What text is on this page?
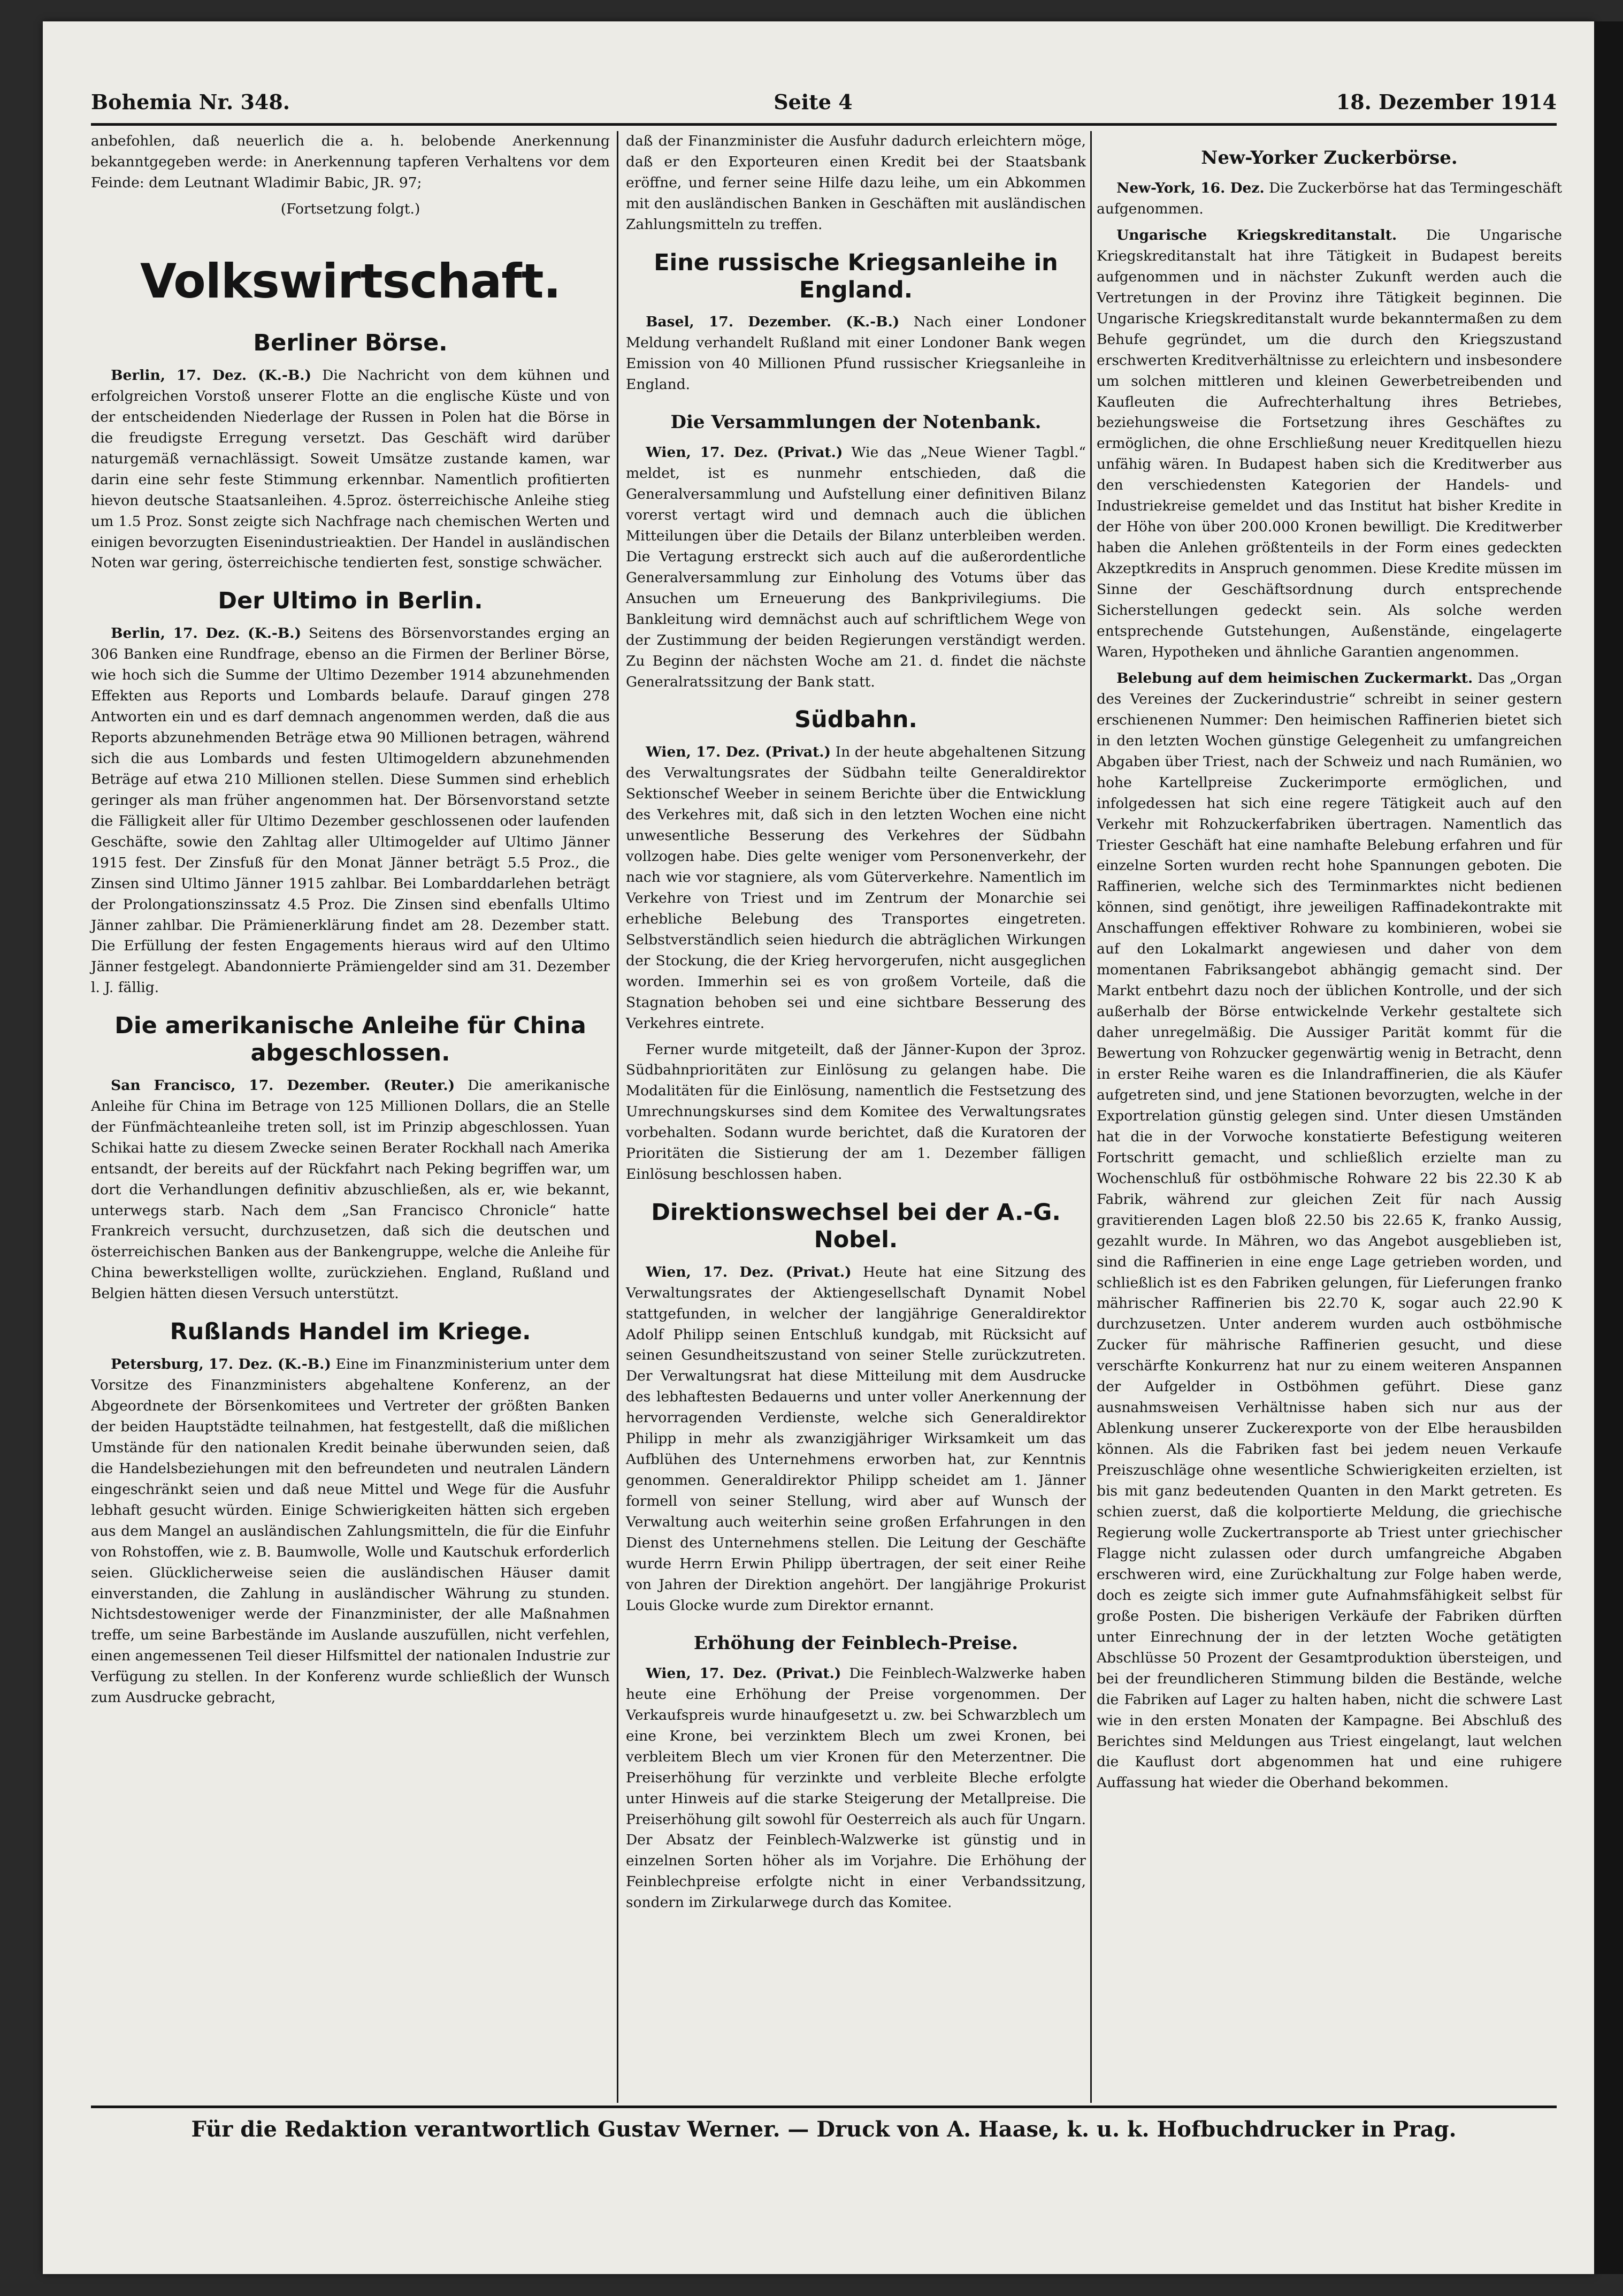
Bohemia Nr. 348.	Seite 4	18. Dezember 1914

anbefohlen, daß neuerlich die a. h. belobende Anerkennung bekanntgegeben werde: in Anerkennung tapferen Verhaltens vor dem Feinde: dem Leutnant Wladimir Babic, JR. 97;

(Fortsetzung folgt.)
Volkswirtschaft.
Berliner Börse.

Berlin, 17. Dez. (K.-B.) Die Nachricht von dem kühnen und erfolgreichen Vorstoß unserer Flotte an die englische Küste und von der entscheidenden Niederlage der Russen in Polen hat die Börse in die freudigste Erregung versetzt. Das Geschäft wird darüber naturgemäß vernachlässigt. Soweit Umsätze zustande kamen, war darin eine sehr feste Stimmung erkennbar. Namentlich profitierten hievon deutsche Staatsanleihen. 4.5proz. österreichische Anleihe stieg um 1.5 Proz. Sonst zeigte sich Nachfrage nach chemischen Werten und einigen bevorzugten Eisenindustrieaktien. Der Handel in ausländischen Noten war gering, österreichische tendierten fest, sonstige schwächer.

Der Ultimo in Berlin.

Berlin, 17. Dez. (K.-B.) Seitens des Börsenvorstandes erging an 306 Banken eine Rundfrage, ebenso an die Firmen der Berliner Börse, wie hoch sich die Summe der Ultimo Dezember 1914 abzunehmenden Effekten aus Reports und Lombards belaufe. Darauf gingen 278 Antworten ein und es darf demnach angenommen werden, daß die aus Reports abzunehmenden Beträge etwa 90 Millionen betragen, während sich die aus Lombards und festen Ultimogeldern abzunehmenden Beträge auf etwa 210 Millionen stellen. Diese Summen sind erheblich geringer als man früher angenommen hat. Der Börsenvorstand setzte die Fälligkeit aller für Ultimo Dezember geschlossenen oder laufenden Geschäfte, sowie den Zahltag aller Ultimogelder auf Ultimo Jänner 1915 fest. Der Zinsfuß für den Monat Jänner beträgt 5.5 Proz., die Zinsen sind Ultimo Jänner 1915 zahlbar. Bei Lombarddarlehen beträgt der Prolongationszinssatz 4.5 Proz. Die Zinsen sind ebenfalls Ultimo Jänner zahlbar. Die Prämienerklärung findet am 28. Dezember statt. Die Erfüllung der festen Engagements hieraus wird auf den Ultimo Jänner festgelegt. Abandonnierte Prämiengelder sind am 31. Dezember l. J. fällig.

Die amerikanische Anleihe für China abgeschlossen.

San Francisco, 17. Dezember. (Reuter.) Die amerikanische Anleihe für China im Betrage von 125 Millionen Dollars, die an Stelle der Fünfmächteanleihe treten soll, ist im Prinzip abgeschlossen. Yuan Schikai hatte zu diesem Zwecke seinen Berater Rockhall nach Amerika entsandt, der bereits auf der Rückfahrt nach Peking begriffen war, um dort die Verhandlungen definitiv abzuschließen, als er, wie bekannt, unterwegs starb. Nach dem „San Francisco Chronicle“ hatte Frankreich versucht, durchzusetzen, daß sich die deutschen und österreichischen Banken aus der Bankengruppe, welche die Anleihe für China bewerkstelligen wollte, zurückziehen. England, Rußland und Belgien hätten diesen Versuch unterstützt.

Rußlands Handel im Kriege.

Petersburg, 17. Dez. (K.-B.) Eine im Finanzministerium unter dem Vorsitze des Finanzministers abgehaltene Konferenz, an der Abgeordnete der Börsenkomitees und Vertreter der größten Banken der beiden Hauptstädte teilnahmen, hat festgestellt, daß die mißlichen Umstände für den nationalen Kredit beinahe überwunden seien, daß die Handelsbeziehungen mit den befreundeten und neutralen Ländern eingeschränkt seien und daß neue Mittel und Wege für die Ausfuhr lebhaft gesucht würden. Einige Schwierigkeiten hätten sich ergeben aus dem Mangel an ausländischen Zahlungsmitteln, die für die Einfuhr von Rohstoffen, wie z. B. Baumwolle, Wolle und Kautschuk erforderlich seien. Glücklicherweise seien die ausländischen Häuser damit einverstanden, die Zahlung in ausländischer Währung zu stunden. Nichtsdestoweniger werde der Finanzminister, der alle Maßnahmen treffe, um seine Barbestände im Auslande auszufüllen, nicht verfehlen, einen angemessenen Teil dieser Hilfsmittel der nationalen Industrie zur Verfügung zu stellen. In der Konferenz wurde schließlich der Wunsch zum Ausdrucke gebracht,

daß der Finanzminister die Ausfuhr dadurch erleichtern möge, daß er den Exporteuren einen Kredit bei der Staatsbank eröffne, und ferner seine Hilfe dazu leihe, um ein Abkommen mit den ausländischen Banken in Geschäften mit ausländischen Zahlungsmitteln zu treffen.

Eine russische Kriegsanleihe in England.

Basel, 17. Dezember. (K.-B.) Nach einer Londoner Meldung verhandelt Rußland mit einer Londoner Bank wegen Emission von 40 Millionen Pfund russischer Kriegsanleihe in England.

Die Versammlungen der Notenbank.

Wien, 17. Dez. (Privat.) Wie das „Neue Wiener Tagbl.“ meldet, ist es nunmehr entschieden, daß die Generalversammlung und Aufstellung einer definitiven Bilanz vorerst vertagt wird und demnach auch die üblichen Mitteilungen über die Details der Bilanz unterbleiben werden. Die Vertagung erstreckt sich auch auf die außerordentliche Generalversammlung zur Einholung des Votums über das Ansuchen um Erneuerung des Bankprivilegiums. Die Bankleitung wird demnächst auch auf schriftlichem Wege von der Zustimmung der beiden Regierungen verständigt werden. Zu Beginn der nächsten Woche am 21. d. findet die nächste Generalratssitzung der Bank statt.

Südbahn.

Wien, 17. Dez. (Privat.) In der heute abgehaltenen Sitzung des Verwaltungsrates der Südbahn teilte Generaldirektor Sektionschef Weeber in seinem Berichte über die Entwicklung des Verkehres mit, daß sich in den letzten Wochen eine nicht unwesentliche Besserung des Verkehres der Südbahn vollzogen habe. Dies gelte weniger vom Personenverkehr, der nach wie vor stagniere, als vom Güterverkehre. Namentlich im Verkehre von Triest und im Zentrum der Monarchie sei erhebliche Belebung des Transportes eingetreten. Selbstverständlich seien hiedurch die abträglichen Wirkungen der Stockung, die der Krieg hervorgerufen, nicht ausgeglichen worden. Immerhin sei es von großem Vorteile, daß die Stagnation behoben sei und eine sichtbare Besserung des Verkehres eintrete.

Ferner wurde mitgeteilt, daß der Jänner-Kupon der 3proz. Südbahnprioritäten zur Einlösung zu gelangen habe. Die Modalitäten für die Einlösung, namentlich die Festsetzung des Umrechnungskurses sind dem Komitee des Verwaltungsrates vorbehalten. Sodann wurde berichtet, daß die Kuratoren der Prioritäten die Sistierung der am 1. Dezember fälligen Einlösung beschlossen haben.

Direktionswechsel bei der A.-G. Nobel.

Wien, 17. Dez. (Privat.) Heute hat eine Sitzung des Verwaltungsrates der Aktiengesellschaft Dynamit Nobel stattgefunden, in welcher der langjährige Generaldirektor Adolf Philipp seinen Entschluß kundgab, mit Rücksicht auf seinen Gesundheitszustand von seiner Stelle zurückzutreten. Der Verwaltungsrat hat diese Mitteilung mit dem Ausdrucke des lebhaftesten Bedauerns und unter voller Anerkennung der hervorragenden Verdienste, welche sich Generaldirektor Philipp in mehr als zwanzigjähriger Wirksamkeit um das Aufblühen des Unternehmens erworben hat, zur Kenntnis genommen. Generaldirektor Philipp scheidet am 1. Jänner formell von seiner Stellung, wird aber auf Wunsch der Verwaltung auch weiterhin seine großen Erfahrungen in den Dienst des Unternehmens stellen. Die Leitung der Geschäfte wurde Herrn Erwin Philipp übertragen, der seit einer Reihe von Jahren der Direktion angehört. Der langjährige Prokurist Louis Glocke wurde zum Direktor ernannt.

Erhöhung der Feinblech-Preise.

Wien, 17. Dez. (Privat.) Die Feinblech-Walzwerke haben heute eine Erhöhung der Preise vorgenommen. Der Verkaufspreis wurde hinaufgesetzt u. zw. bei Schwarzblech um eine Krone, bei verzinktem Blech um zwei Kronen, bei verbleitem Blech um vier Kronen für den Meterzentner. Die Preiserhöhung für verzinkte und verbleite Bleche erfolgte unter Hinweis auf die starke Steigerung der Metallpreise. Die Preiserhöhung gilt sowohl für Oesterreich als auch für Ungarn. Der Absatz der Feinblech-Walzwerke ist günstig und in einzelnen Sorten höher als im Vorjahre. Die Erhöhung der Feinblechpreise erfolgte nicht in einer Verbandssitzung, sondern im Zirkularwege durch das Komitee.

New-Yorker Zuckerbörse.

New-York, 16. Dez. Die Zuckerbörse hat das Termingeschäft aufgenommen.

Ungarische Kriegskreditanstalt. Die Ungarische Kriegskreditanstalt hat ihre Tätigkeit in Budapest bereits aufgenommen und in nächster Zukunft werden auch die Vertretungen in der Provinz ihre Tätigkeit beginnen. Die Ungarische Kriegskreditanstalt wurde bekanntermaßen zu dem Behufe gegründet, um die durch den Kriegszustand erschwerten Kreditverhältnisse zu erleichtern und insbesondere um solchen mittleren und kleinen Gewerbetreibenden und Kaufleuten die Aufrechterhaltung ihres Betriebes, beziehungsweise die Fortsetzung ihres Geschäftes zu ermöglichen, die ohne Erschließung neuer Kreditquellen hiezu unfähig wären. In Budapest haben sich die Kreditwerber aus den verschiedensten Kategorien der Handels- und Industriekreise gemeldet und das Institut hat bisher Kredite in der Höhe von über 200.000 Kronen bewilligt. Die Kreditwerber haben die Anlehen größtenteils in der Form eines gedeckten Akzeptkredits in Anspruch genommen. Diese Kredite müssen im Sinne der Geschäftsordnung durch entsprechende Sicherstellungen gedeckt sein. Als solche werden entsprechende Gutstehungen, Außenstände, eingelagerte Waren, Hypotheken und ähnliche Garantien angenommen.

Belebung auf dem heimischen Zuckermarkt. Das „Organ des Vereines der Zuckerindustrie“ schreibt in seiner gestern erschienenen Nummer: Den heimischen Raffinerien bietet sich in den letzten Wochen günstige Gelegenheit zu umfangreichen Abgaben über Triest, nach der Schweiz und nach Rumänien, wo hohe Kartellpreise Zuckerimporte ermöglichen, und infolgedessen hat sich eine regere Tätigkeit auch auf den Verkehr mit Rohzuckerfabriken übertragen. Namentlich das Triester Geschäft hat eine namhafte Belebung erfahren und für einzelne Sorten wurden recht hohe Spannungen geboten. Die Raffinerien, welche sich des Terminmarktes nicht bedienen können, sind genötigt, ihre jeweiligen Raffinadekontrakte mit Anschaffungen effektiver Rohware zu kombinieren, wobei sie auf den Lokalmarkt angewiesen und daher von dem momentanen Fabriksangebot abhängig gemacht sind. Der Markt entbehrt dazu noch der üblichen Kontrolle, und der sich außerhalb der Börse entwickelnde Verkehr gestaltete sich daher unregelmäßig. Die Aussiger Parität kommt für die Bewertung von Rohzucker gegenwärtig wenig in Betracht, denn in erster Reihe waren es die Inlandraffinerien, die als Käufer aufgetreten sind, und jene Stationen bevorzugten, welche in der Exportrelation günstig gelegen sind. Unter diesen Umständen hat die in der Vorwoche konstatierte Befestigung weiteren Fortschritt gemacht, und schließlich erzielte man zu Wochenschluß für ostböhmische Rohware 22 bis 22.30 K ab Fabrik, während zur gleichen Zeit für nach Aussig gravitierenden Lagen bloß 22.50 bis 22.65 K, franko Aussig, gezahlt wurde. In Mähren, wo das Angebot ausgeblieben ist, sind die Raffinerien in eine enge Lage getrieben worden, und schließlich ist es den Fabriken gelungen, für Lieferungen franko mährischer Raffinerien bis 22.70 K, sogar auch 22.90 K durchzusetzen. Unter anderem wurden auch ostböhmische Zucker für mährische Raffinerien gesucht, und diese verschärfte Konkurrenz hat nur zu einem weiteren Anspannen der Aufgelder in Ostböhmen geführt. Diese ganz ausnahmsweisen Verhältnisse haben sich nur aus der Ablenkung unserer Zuckerexporte von der Elbe herausbilden können. Als die Fabriken fast bei jedem neuen Verkaufe Preiszuschläge ohne wesentliche Schwierigkeiten erzielten, ist bis mit ganz bedeutenden Quanten in den Markt getreten. Es schien zuerst, daß die kolportierte Meldung, die griechische Regierung wolle Zuckertransporte ab Triest unter griechischer Flagge nicht zulassen oder durch umfangreiche Abgaben erschweren wird, eine Zurückhaltung zur Folge haben werde, doch es zeigte sich immer gute Aufnahmsfähigkeit selbst für große Posten. Die bisherigen Verkäufe der Fabriken dürften unter Einrechnung der in der letzten Woche getätigten Abschlüsse 50 Prozent der Gesamtproduktion übersteigen, und bei der freundlicheren Stimmung bilden die Bestände, welche die Fabriken auf Lager zu halten haben, nicht die schwere Last wie in den ersten Monaten der Kampagne. Bei Abschluß des Berichtes sind Meldungen aus Triest eingelangt, laut welchen die Kauflust dort abgenommen hat und eine ruhigere Auffassung hat wieder die Oberhand bekommen.

Für die Redaktion verantwortlich Gustav Werner. — Druck von A. Haase, k. u. k. Hofbuchdrucker in Prag.
